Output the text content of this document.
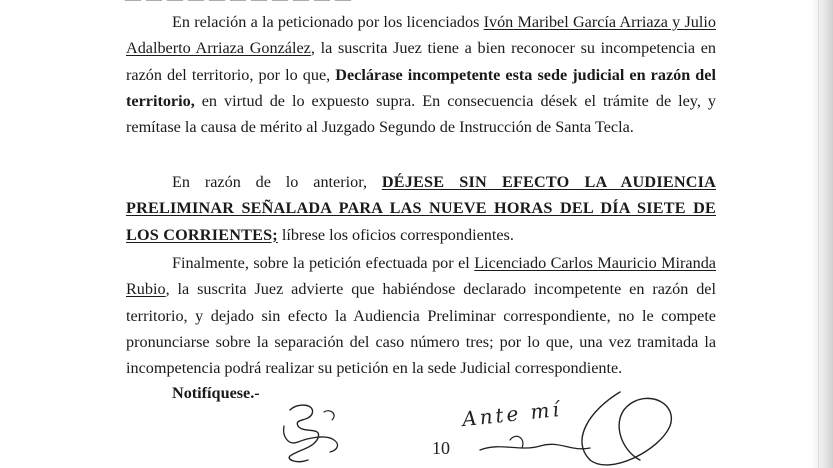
En relación a la peticionado por los licenciados Ivón Maribel García Arriaza y Julio Adalberto Arriaza González, la suscrita Juez tiene a bien reconocer su incompetencia en razón del territorio, por lo que, Declárase incompetente esta sede judicial en razón del territorio, en virtud de lo expuesto supra. En consecuencia dések el trámite de ley, y remítase la causa de mérito al Juzgado Segundo de Instrucción de Santa Tecla.
En razón de lo anterior, DÉJESE SIN EFECTO LA AUDIENCIA PRELIMINAR SEÑALADA PARA LAS NUEVE HORAS DEL DÍA SIETE DE LOS CORRIENTES; líbrese los oficios correspondientes.
Finalmente, sobre la petición efectuada por el Licenciado Carlos Mauricio Miranda Rubio, la suscrita Juez advierte que habiéndose declarado incompetente en razón del territorio, y dejado sin efecto la Audiencia Preliminar correspondiente, no le compete pronunciarse sobre la separación del caso número tres; por lo que, una vez tramitada la incompetencia podrá realizar su petición en la sede Judicial correspondiente.
Notifíquese.-
Ante mí
10
